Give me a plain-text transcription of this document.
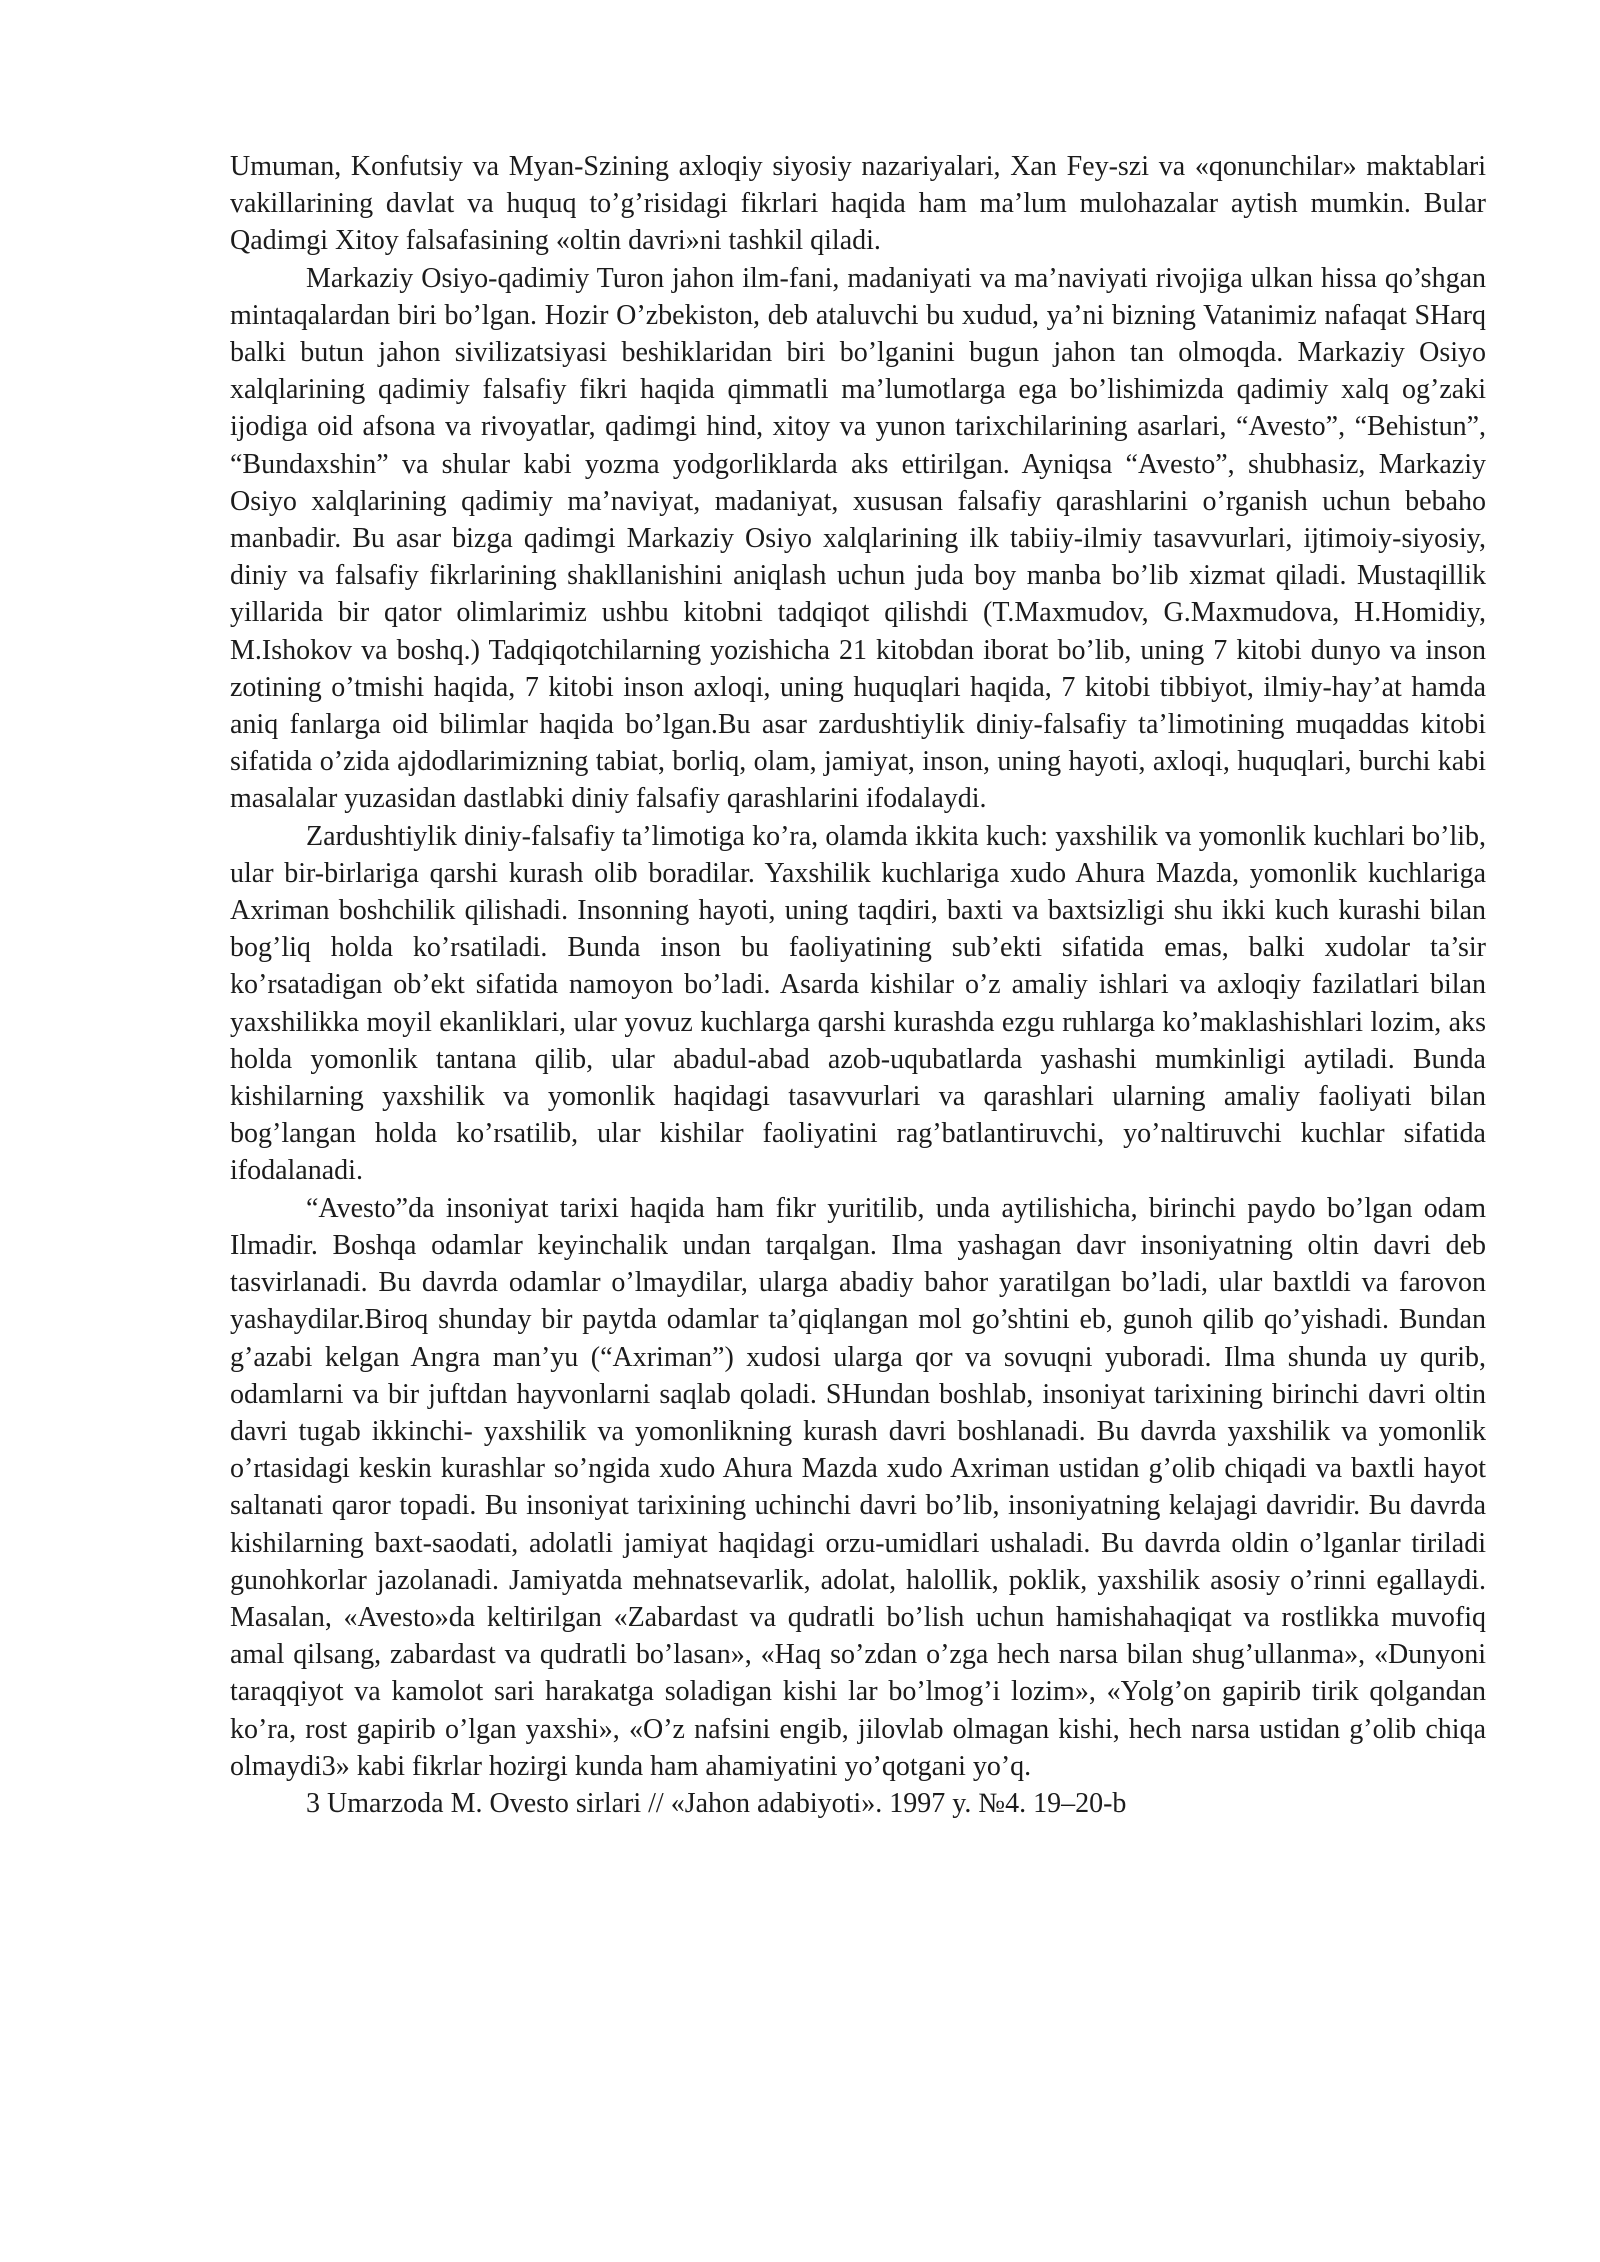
Umuman, Konfutsiy va Myan-Szining axloqiy siyosiy nazariyalari, Xan Fey-szi va «qonunchilar» maktablari vakillarining davlat va huquq to’g’risidagi fikrlari haqida ham ma’lum mulohazalar aytish mumkin. Bular Qadimgi Xitoy falsafasining «oltin davri»ni tashkil qiladi.

Markaziy Osiyo-qadimiy Turon jahon ilm-fani, madaniyati va ma’naviyati rivojiga ulkan hissa qo’shgan mintaqalardan biri bo’lgan. Hozir O’zbekiston, deb ataluvchi bu xudud, ya’ni bizning Vatanimiz nafaqat SHarq balki butun jahon sivilizatsiyasi beshiklaridan biri bo’lganini bugun jahon tan olmoqda. Markaziy Osiyo xalqlarining qadimiy falsafiy fikri haqida qimmatli ma’lumotlarga ega bo’lishimizda qadimiy xalq og’zaki ijodiga oid afsona va rivoyatlar, qadimgi hind, xitoy va yunon tarixchilarining asarlari, “Avesto”, “Behistun”, “Bundaxshin” va shular kabi yozma yodgorliklarda aks ettirilgan. Ayniqsa “Avesto”, shubhasiz, Markaziy Osiyo xalqlarining qadimiy ma’naviyat, madaniyat, xususan falsafiy qarashlarini o’rganish uchun bebaho manbadir. Bu asar bizga qadimgi Markaziy Osiyo xalqlarining ilk tabiiy-ilmiy tasavvurlari, ijtimoiy-siyosiy, diniy va falsafiy fikrlarining shakllanishini aniqlash uchun juda boy manba bo’lib xizmat qiladi. Mustaqillik yillarida bir qator olimlarimiz ushbu kitobni tadqiqot qilishdi (T.Maxmudov, G.Maxmudova, H.Homidiy, M.Ishokov va boshq.) Tadqiqotchilarning yozishicha 21 kitobdan iborat bo’lib, uning 7 kitobi dunyo va inson zotining o’tmishi haqida, 7 kitobi inson axloqi, uning huquqlari haqida, 7 kitobi tibbiyot, ilmiy-hay’at hamda aniq fanlarga oid bilimlar haqida bo’lgan.Bu asar zardushtiylik diniy-falsafiy ta’limotining muqaddas kitobi sifatida o’zida ajdodlarimizning tabiat, borliq, olam, jamiyat, inson, uning hayoti, axloqi, huquqlari, burchi kabi masalalar yuzasidan dastlabki diniy falsafiy qarashlarini ifodalaydi.

Zardushtiylik diniy-falsafiy ta’limotiga ko’ra, olamda ikkita kuch: yaxshilik va yomonlik kuchlari bo’lib, ular bir-birlariga qarshi kurash olib boradilar. Yaxshilik kuchlariga xudo Ahura Mazda, yomonlik kuchlariga Axriman boshchilik qilishadi. Insonning hayoti, uning taqdiri, baxti va baxtsizligi shu ikki kuch kurashi bilan bog’liq holda ko’rsatiladi. Bunda inson bu faoliyatining sub’ekti sifatida emas, balki xudolar ta’sir ko’rsatadigan ob’ekt sifatida namoyon bo’ladi. Asarda kishilar o’z amaliy ishlari va axloqiy fazilatlari bilan yaxshilikka moyil ekanliklari, ular yovuz kuchlarga qarshi kurashda ezgu ruhlarga ko’maklashishlari lozim, aks holda yomonlik tantana qilib, ular abadul-abad azob-uqubatlarda yashashi mumkinligi aytiladi. Bunda kishilarning yaxshilik va yomonlik haqidagi tasavvurlari va qarashlari ularning amaliy faoliyati bilan bog’langan holda ko’rsatilib, ular kishilar faoliyatini rag’batlantiruvchi, yo’naltiruvchi kuchlar sifatida ifodalanadi.

“Avesto”da insoniyat tarixi haqida ham fikr yuritilib, unda aytilishicha, birinchi paydo bo’lgan odam Ilmadir. Boshqa odamlar keyinchalik undan tarqalgan. Ilma yashagan davr insoniyatning oltin davri deb tasvirlanadi. Bu davrda odamlar o’lmaydilar, ularga abadiy bahor yaratilgan bo’ladi, ular baxtldi va farovon yashaydilar.Biroq shunday bir paytda odamlar ta’qiqlangan mol go’shtini eb, gunoh qilib qo’yishadi. Bundan g’azabi kelgan Angra man’yu (“Axriman”) xudosi ularga qor va sovuqni yuboradi. Ilma shunda uy qurib, odamlarni va bir juftdan hayvonlarni saqlab qoladi. SHundan boshlab, insoniyat tarixining birinchi davri oltin davri tugab ikkinchi- yaxshilik va yomonlikning kurash davri boshlanadi. Bu davrda yaxshilik va yomonlik o’rtasidagi keskin kurashlar so’ngida xudo Ahura Mazda xudo Axriman ustidan g’olib chiqadi va baxtli hayot saltanati qaror topadi. Bu insoniyat tarixining uchinchi davri bo’lib, insoniyatning kelajagi davridir. Bu davrda kishilarning baxt-saodati, adolatli jamiyat haqidagi orzu-umidlari ushaladi. Bu davrda oldin o’lganlar tiriladi gunohkorlar jazolanadi. Jamiyatda mehnatsevarlik, adolat, halollik, poklik, yaxshilik asosiy o’rinni egallaydi. Masalan, «Avesto»da keltirilgan «Zabardast va qudratli bo’lish uchun hamishahaqiqat va rostlikka muvofiq amal qilsang, zabardast va qudratli bo’lasan», «Haq so’zdan o’zga hech narsa bilan shug’ullanma», «Dunyoni taraqqiyot va kamolot sari harakatga soladigan kishi lar bo’lmog’i lozim», «Yolg’on gapirib tirik qolgandan ko’ra, rost gapirib o’lgan yaxshi», «O’z nafsini engib, jilovlab olmagan kishi, hech narsa ustidan g’olib chiqa olmaydi3» kabi fikrlar hozirgi kunda ham ahamiyatini yo’qotgani yo’q.

3 Umarzoda M. Ovesto sirlari // «Jahon adabiyoti». 1997 y. №4. 19–20-b
